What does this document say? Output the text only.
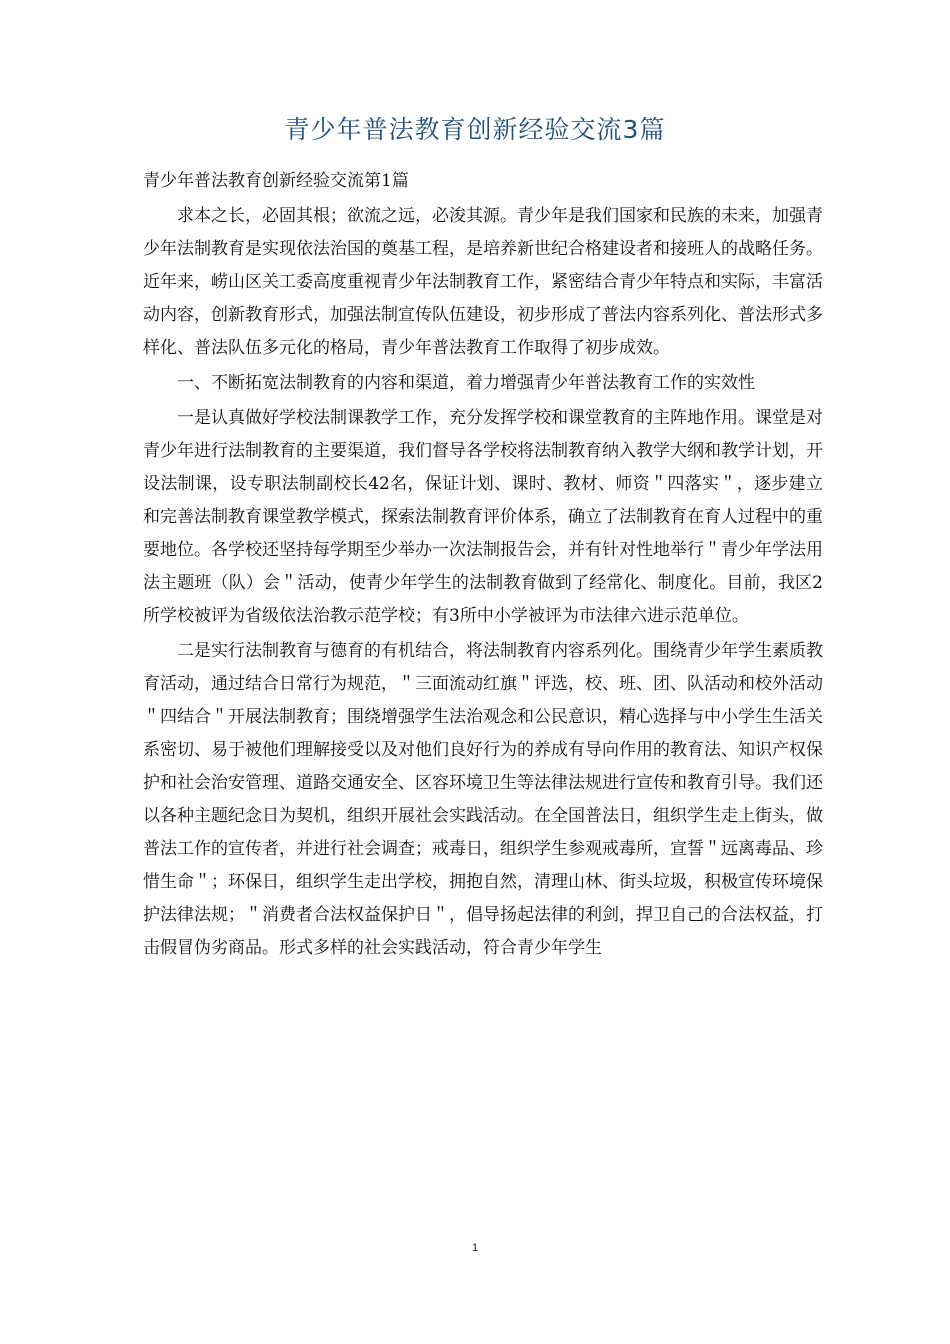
青少年普法教育创新经验交流3篇
青少年普法教育创新经验交流第1篇

求本之长，必固其根；欲流之远，必浚其源。青少年是我们国家和民族的未来，加强青少年法制教育是实现依法治国的奠基工程，是培养新世纪合格建设者和接班人的战略任务。近年来，崂山区关工委高度重视青少年法制教育工作，紧密结合青少年特点和实际，丰富活动内容，创新教育形式，加强法制宣传队伍建设，初步形成了普法内容系列化、普法形式多样化、普法队伍多元化的格局，青少年普法教育工作取得了初步成效。

一、不断拓宽法制教育的内容和渠道，着力增强青少年普法教育工作的实效性

一是认真做好学校法制课教学工作，充分发挥学校和课堂教育的主阵地作用。课堂是对青少年进行法制教育的主要渠道，我们督导各学校将法制教育纳入教学大纲和教学计划，开设法制课，设专职法制副校长42名，保证计划、课时、教材、师资＂四落实＂，逐步建立和完善法制教育课堂教学模式，探索法制教育评价体系，确立了法制教育在育人过程中的重要地位。各学校还坚持每学期至少举办一次法制报告会，并有针对性地举行＂青少年学法用法主题班（队）会＂活动，使青少年学生的法制教育做到了经常化、制度化。目前，我区2所学校被评为省级依法治教示范学校；有3所中小学被评为市法律六进示范单位。

二是实行法制教育与德育的有机结合，将法制教育内容系列化。围绕青少年学生素质教育活动，通过结合日常行为规范，＂三面流动红旗＂评选，校、班、团、队活动和校外活动＂四结合＂开展法制教育；围绕增强学生法治观念和公民意识，精心选择与中小学生生活关系密切、易于被他们理解接受以及对他们良好行为的养成有导向作用的教育法、知识产权保护和社会治安管理、道路交通安全、区容环境卫生等法律法规进行宣传和教育引导。我们还以各种主题纪念日为契机，组织开展社会实践活动。在全国普法日，组织学生走上街头，做普法工作的宣传者，并进行社会调查；戒毒日，组织学生参观戒毒所，宣誓＂远离毒品、珍惜生命＂；环保日，组织学生走出学校，拥抱自然，清理山林、街头垃圾，积极宣传环境保护法律法规；＂消费者合法权益保护日＂，倡导扬起法律的利剑，捍卫自己的合法权益，打击假冒伪劣商品。形式多样的社会实践活动，符合青少年学生

1
